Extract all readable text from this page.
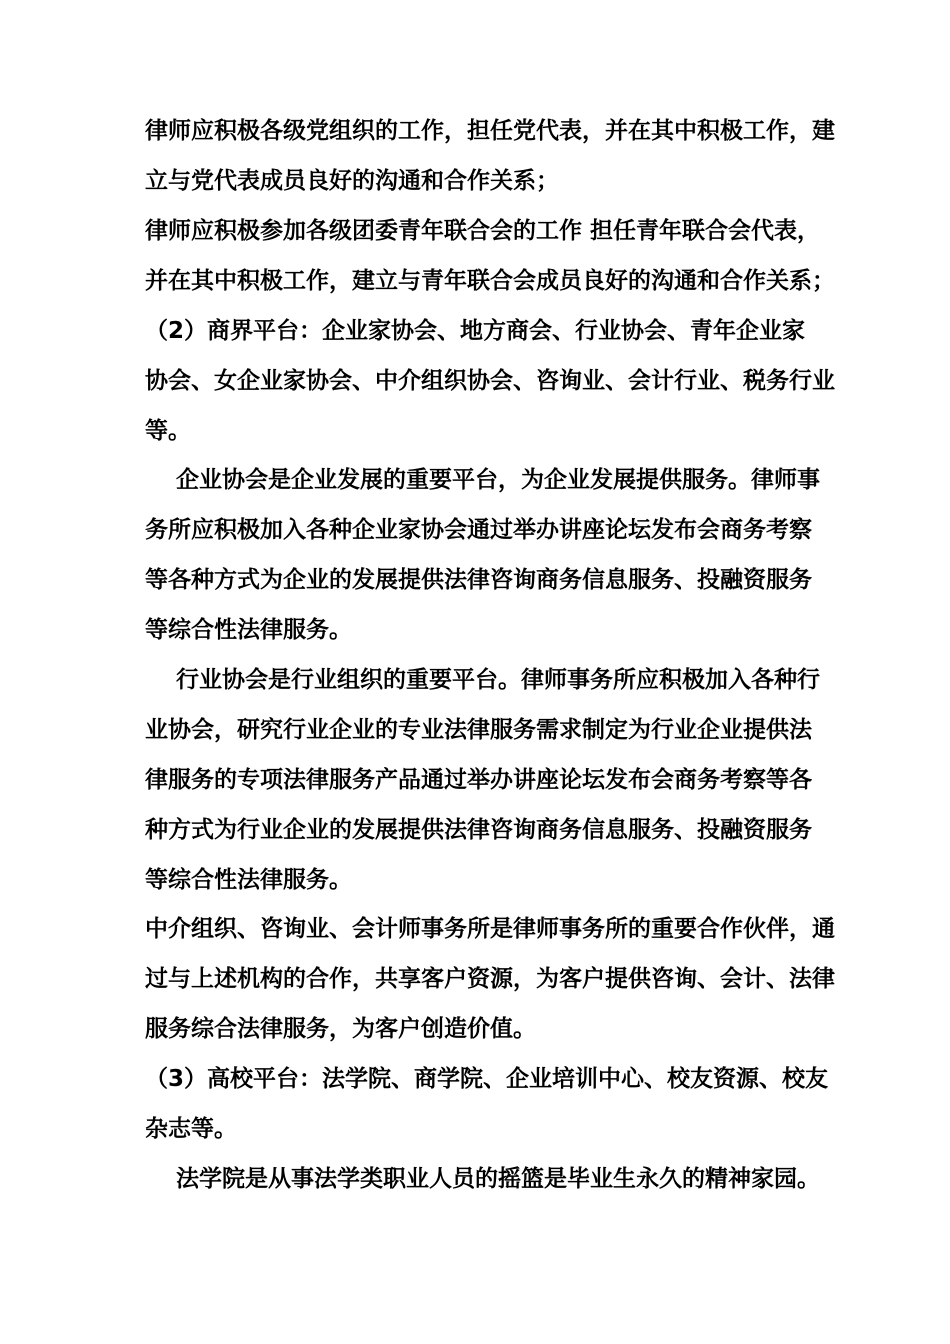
律师应积极各级党组织的工作，担任党代表，并在其中积极工作，建
立与党代表成员良好的沟通和合作关系；
律师应积极参加各级团委青年联合会的工作 担任青年联合会代表，
并在其中积极工作，建立与青年联合会成员良好的沟通和合作关系；
（2）商界平台：企业家协会、地方商会、行业协会、青年企业家
协会、女企业家协会、中介组织协会、咨询业、会计行业、税务行业
等。
企业协会是企业发展的重要平台，为企业发展提供服务。律师事
务所应积极加入各种企业家协会通过举办讲座论坛发布会商务考察
等各种方式为企业的发展提供法律咨询商务信息服务、投融资服务
等综合性法律服务。
行业协会是行业组织的重要平台。律师事务所应积极加入各种行
业协会，研究行业企业的专业法律服务需求制定为行业企业提供法
律服务的专项法律服务产品通过举办讲座论坛发布会商务考察等各
种方式为行业企业的发展提供法律咨询商务信息服务、投融资服务
等综合性法律服务。
中介组织、咨询业、会计师事务所是律师事务所的重要合作伙伴，通
过与上述机构的合作，共享客户资源，为客户提供咨询、会计、法律
服务综合法律服务，为客户创造价值。
（3）高校平台：法学院、商学院、企业培训中心、校友资源、校友
杂志等。
法学院是从事法学类职业人员的摇篮是毕业生永久的精神家园。
